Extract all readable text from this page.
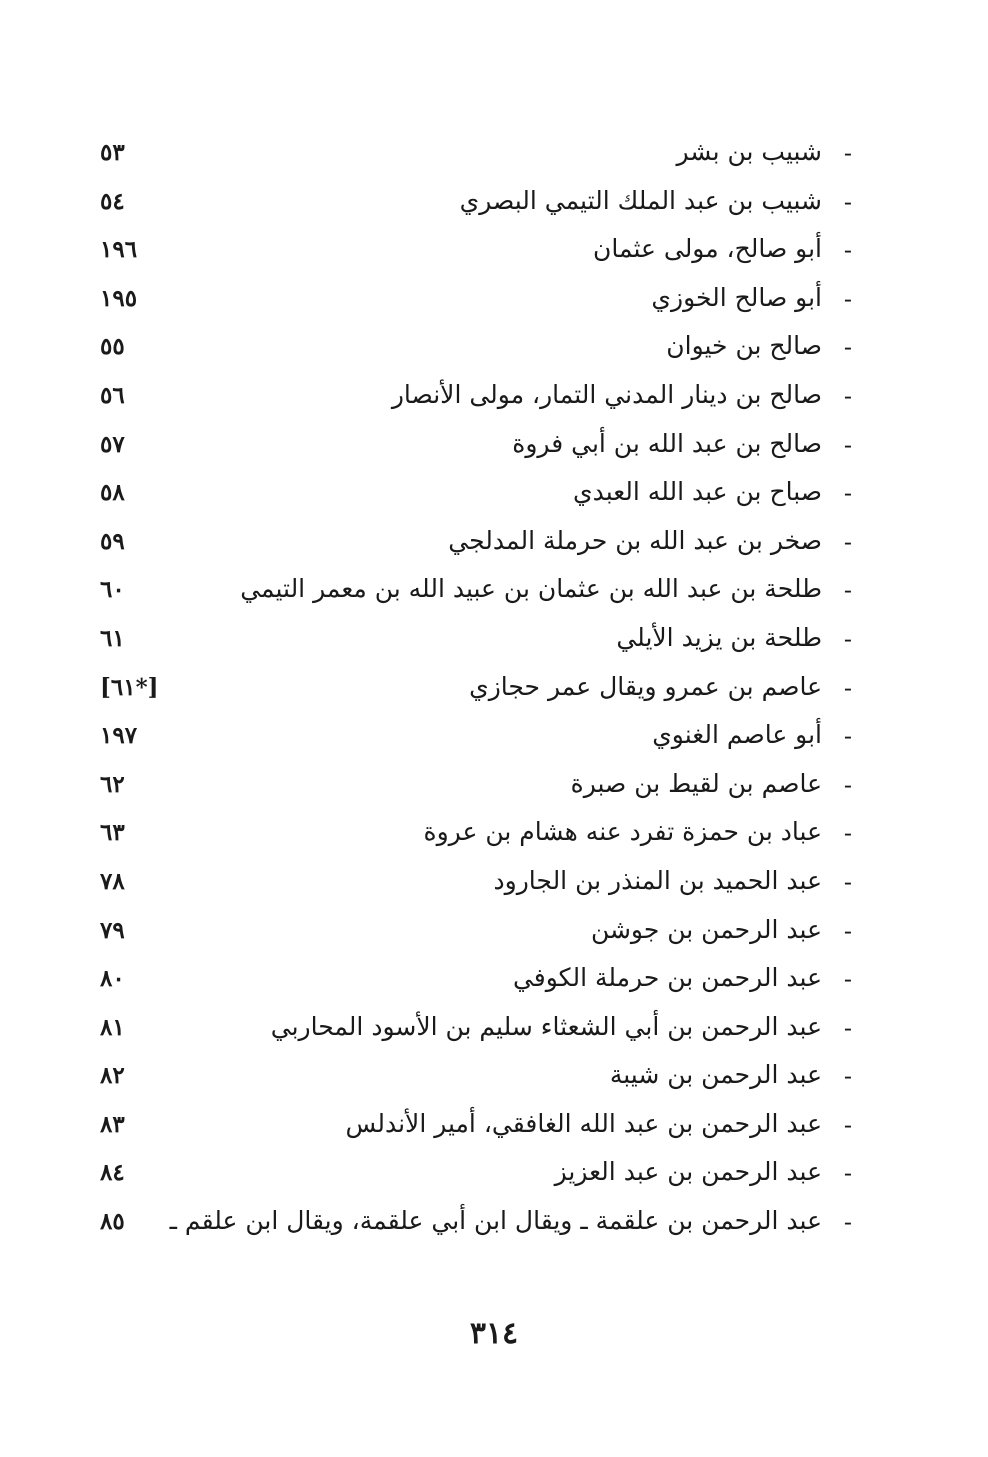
-
شبيب بن بشر
٥٣
-
شبيب بن عبد الملك التيمي البصري
٥٤
-
أبو صالح، مولى عثمان
١٩٦
-
أبو صالح الخوزي
١٩٥
-
صالح بن خيوان
٥٥
-
صالح بن دينار المدني التمار، مولى الأنصار
٥٦
-
صالح بن عبد الله بن أبي فروة
٥٧
-
صباح بن عبد الله العبدي
٥٨
-
صخر بن عبد الله بن حرملة المدلجي
٥٩
-
طلحة بن عبد الله بن عثمان بن عبيد الله بن معمر التيمي
٦٠
-
طلحة بن يزيد الأيلي
٦١
-
عاصم بن عمرو ويقال عمر حجازي
[٦١*]
-
أبو عاصم الغنوي
١٩٧
-
عاصم بن لقيط بن صبرة
٦٢
-
عباد بن حمزة تفرد عنه هشام بن عروة
٦٣
-
عبد الحميد بن المنذر بن الجارود
٧٨
-
عبد الرحمن بن جوشن
٧٩
-
عبد الرحمن بن حرملة الكوفي
٨٠
-
عبد الرحمن بن أبي الشعثاء سليم بن الأسود المحاربي
٨١
-
عبد الرحمن بن شيبة
٨٢
-
عبد الرحمن بن عبد الله الغافقي، أمير الأندلس
٨٣
-
عبد الرحمن بن عبد العزيز
٨٤
-
عبد الرحمن بن علقمة ـ ويقال ابن أبي علقمة، ويقال ابن علقم ـ
٨٥
٣١٤
